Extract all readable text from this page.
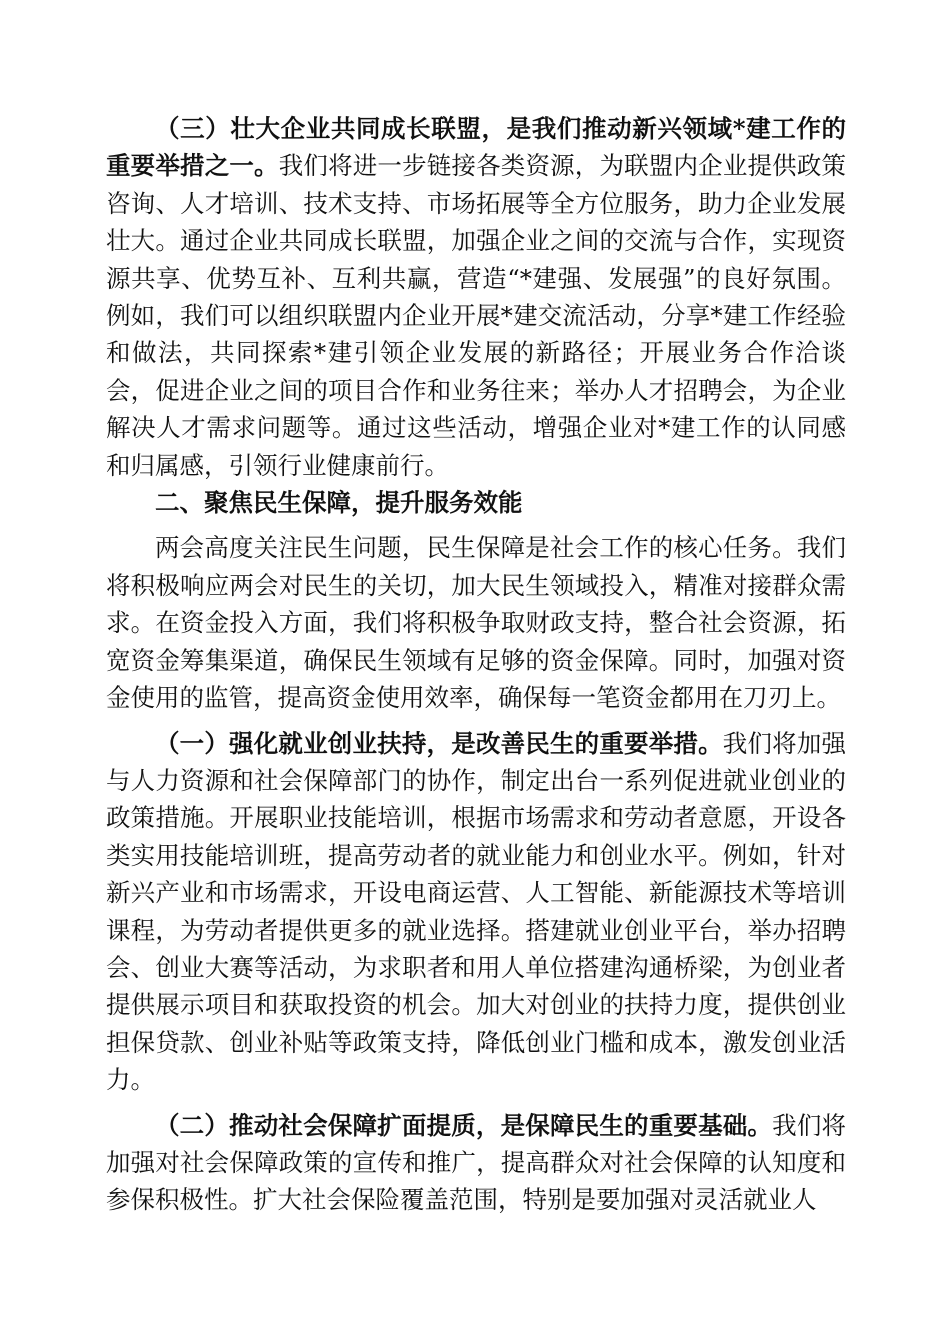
（三）壮大企业共同成长联盟，是我们推动新兴领域*建工作的重要举措之一。我们将进一步链接各类资源，为联盟内企业提供政策咨询、人才培训、技术支持、市场拓展等全方位服务，助力企业发展壮大。通过企业共同成长联盟，加强企业之间的交流与合作，实现资源共享、优势互补、互利共赢，营造“*建强、发展强”的良好氛围。例如，我们可以组织联盟内企业开展*建交流活动，分享*建工作经验和做法，共同探索*建引领企业发展的新路径；开展业务合作洽谈会，促进企业之间的项目合作和业务往来；举办人才招聘会，为企业解决人才需求问题等。通过这些活动，增强企业对*建工作的认同感和归属感，引领行业健康前行。

二、聚焦民生保障，提升服务效能

两会高度关注民生问题，民生保障是社会工作的核心任务。我们将积极响应两会对民生的关切，加大民生领域投入，精准对接群众需求。在资金投入方面，我们将积极争取财政支持，整合社会资源，拓宽资金筹集渠道，确保民生领域有足够的资金保障。同时，加强对资金使用的监管，提高资金使用效率，确保每一笔资金都用在刀刃上。

（一）强化就业创业扶持，是改善民生的重要举措。我们将加强与人力资源和社会保障部门的协作，制定出台一系列促进就业创业的政策措施。开展职业技能培训，根据市场需求和劳动者意愿，开设各类实用技能培训班，提高劳动者的就业能力和创业水平。例如，针对新兴产业和市场需求，开设电商运营、人工智能、新能源技术等培训课程，为劳动者提供更多的就业选择。搭建就业创业平台，举办招聘会、创业大赛等活动，为求职者和用人单位搭建沟通桥梁，为创业者提供展示项目和获取投资的机会。加大对创业的扶持力度，提供创业担保贷款、创业补贴等政策支持，降低创业门槛和成本，激发创业活力。

（二）推动社会保障扩面提质，是保障民生的重要基础。我们将加强对社会保障政策的宣传和推广，提高群众对社会保障的认知度和参保积极性。扩大社会保险覆盖范围，特别是要加强对灵活就业人
